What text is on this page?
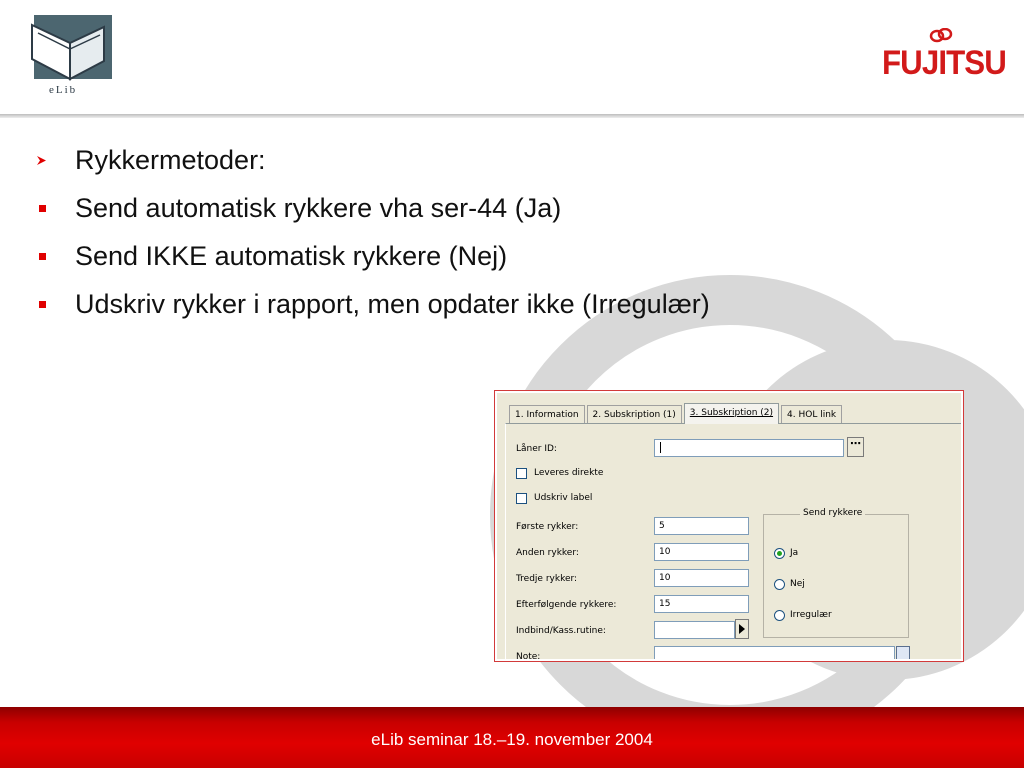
eLib
FUJITSU
Rykkermetoder:
Send automatisk rykkere vha ser-44 (Ja)
Send IKKE automatisk rykkere (Nej)
Udskriv rykker i rapport, men opdater ikke (Irregulær)
1. Information	2. Subskription (1)	3. Subskription (2)	4. HOL link
Låner ID:	⋯
Leveres direkte
Udskriv label
Første rykker:	5
Anden rykker:	10
Tredje rykker:	10
Efterfølgende rykkere:	15
Indbind/Kass.rutine:
Note:
Send rykkere
Ja
Nej
Irregulær
eLib seminar 18.–19. november 2004
